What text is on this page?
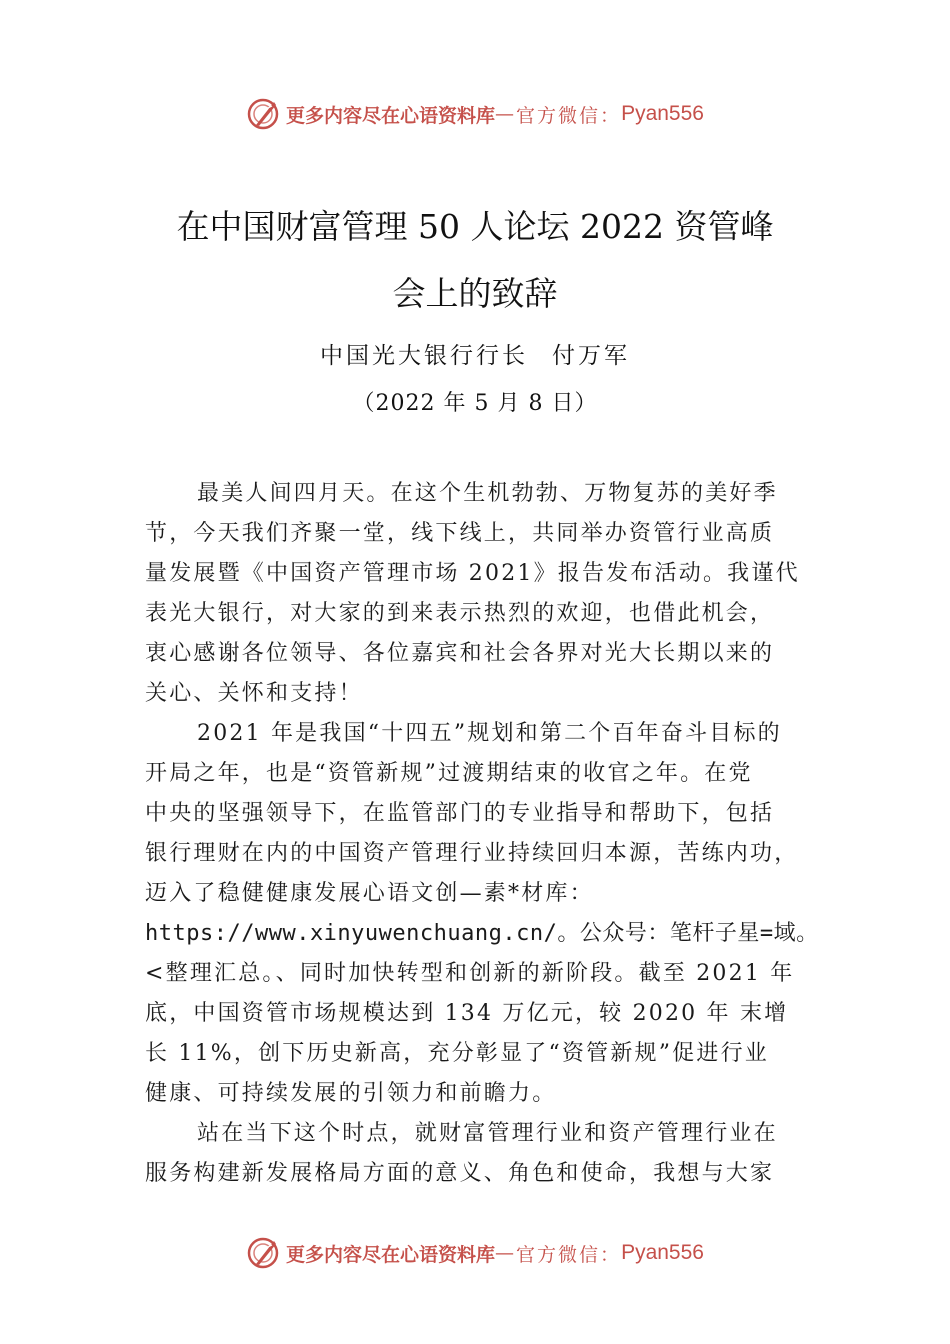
更多内容尽在心语资料库 — 官方微信： Pyan556
在中国财富管理 50 人论坛 2022 资管峰
会上的致辞
中国光大银行行长 付万军
（2022 年 5 月 8 日）
最美人间四月天。在这个生机勃勃、万物复苏的美好季
节，今天我们齐聚一堂，线下线上，共同举办资管行业高质
量发展暨《中国资产管理市场 2021》报告发布活动。我谨代
表光大银行，对大家的到来表示热烈的欢迎，也借此机会，
衷心感谢各位领导、各位嘉宾和社会各界对光大长期以来的
关心、关怀和支持！
2021 年是我国“十四五”规划和第二个百年奋斗目标的
开局之年，也是“资管新规”过渡期结束的收官之年。在党
中央的坚强领导下，在监管部门的专业指导和帮助下，包括
银行理财在内的中国资产管理行业持续回归本源，苦练内功，
迈入了稳健健康发展心语文创—素*材库：
https://www.xinyuwenchuang.cn/。公众号：笔杆子星=域。
<整理汇总。、同时加快转型和创新的新阶段。截至 2021 年
底，中国资管市场规模达到 134 万亿元，较 2020 年 末增
长 11%，创下历史新高，充分彰显了“资管新规”促进行业
健康、可持续发展的引领力和前瞻力。
站在当下这个时点，就财富管理行业和资产管理行业在
服务构建新发展格局方面的意义、角色和使命，我想与大家
更多内容尽在心语资料库 — 官方微信： Pyan556
